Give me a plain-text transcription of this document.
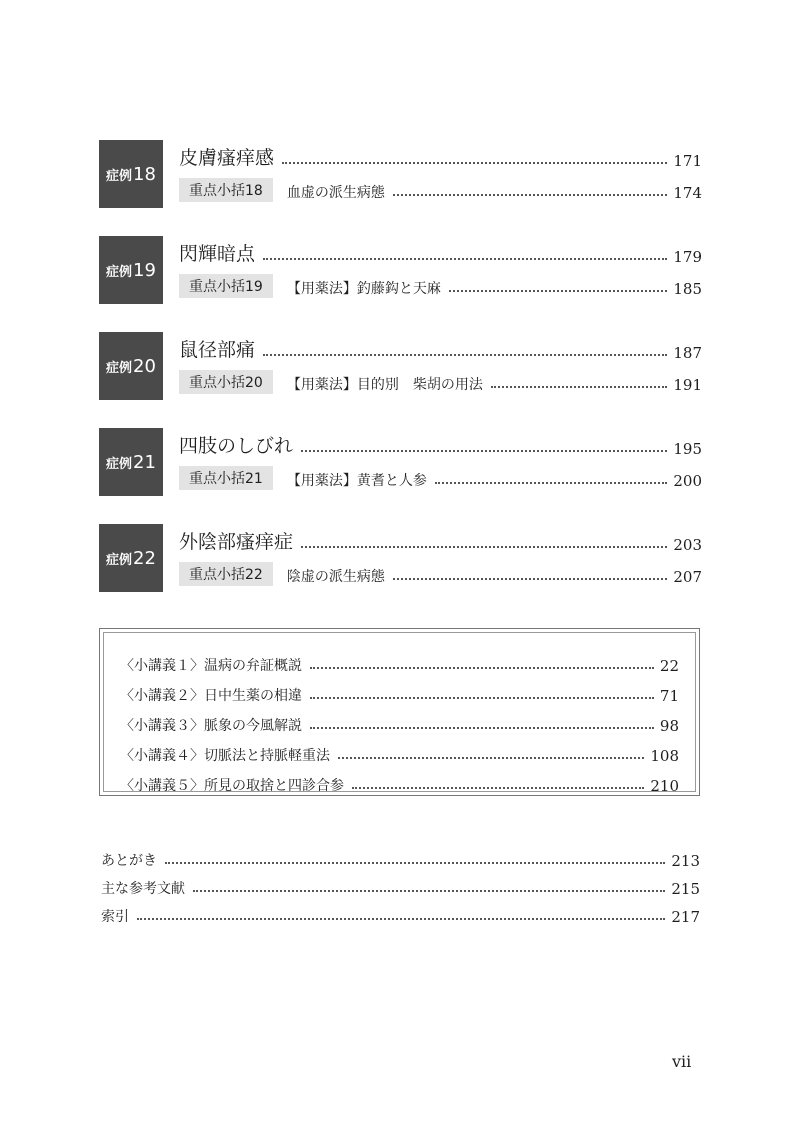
症例 18
皮膚瘙痒感	171
重点小括18	血虚の派生病態	174
症例 19
閃輝暗点	179
重点小括19	【用薬法】釣藤鈎と天麻	185
症例 20
鼠径部痛	187
重点小括20	【用薬法】目的別　柴胡の用法	191
症例 21
四肢のしびれ	195
重点小括21	【用薬法】黄耆と人参	200
症例 22
外陰部瘙痒症	203
重点小括22	陰虚の派生病態	207
〈小講義１〉温病の弁証概説	22
〈小講義２〉日中生薬の相違	71
〈小講義３〉脈象の今風解説	98
〈小講義４〉切脈法と持脈軽重法	108
〈小講義５〉所見の取捨と四診合参	210
あとがき	213
主な参考文献	215
索引	217
vii
